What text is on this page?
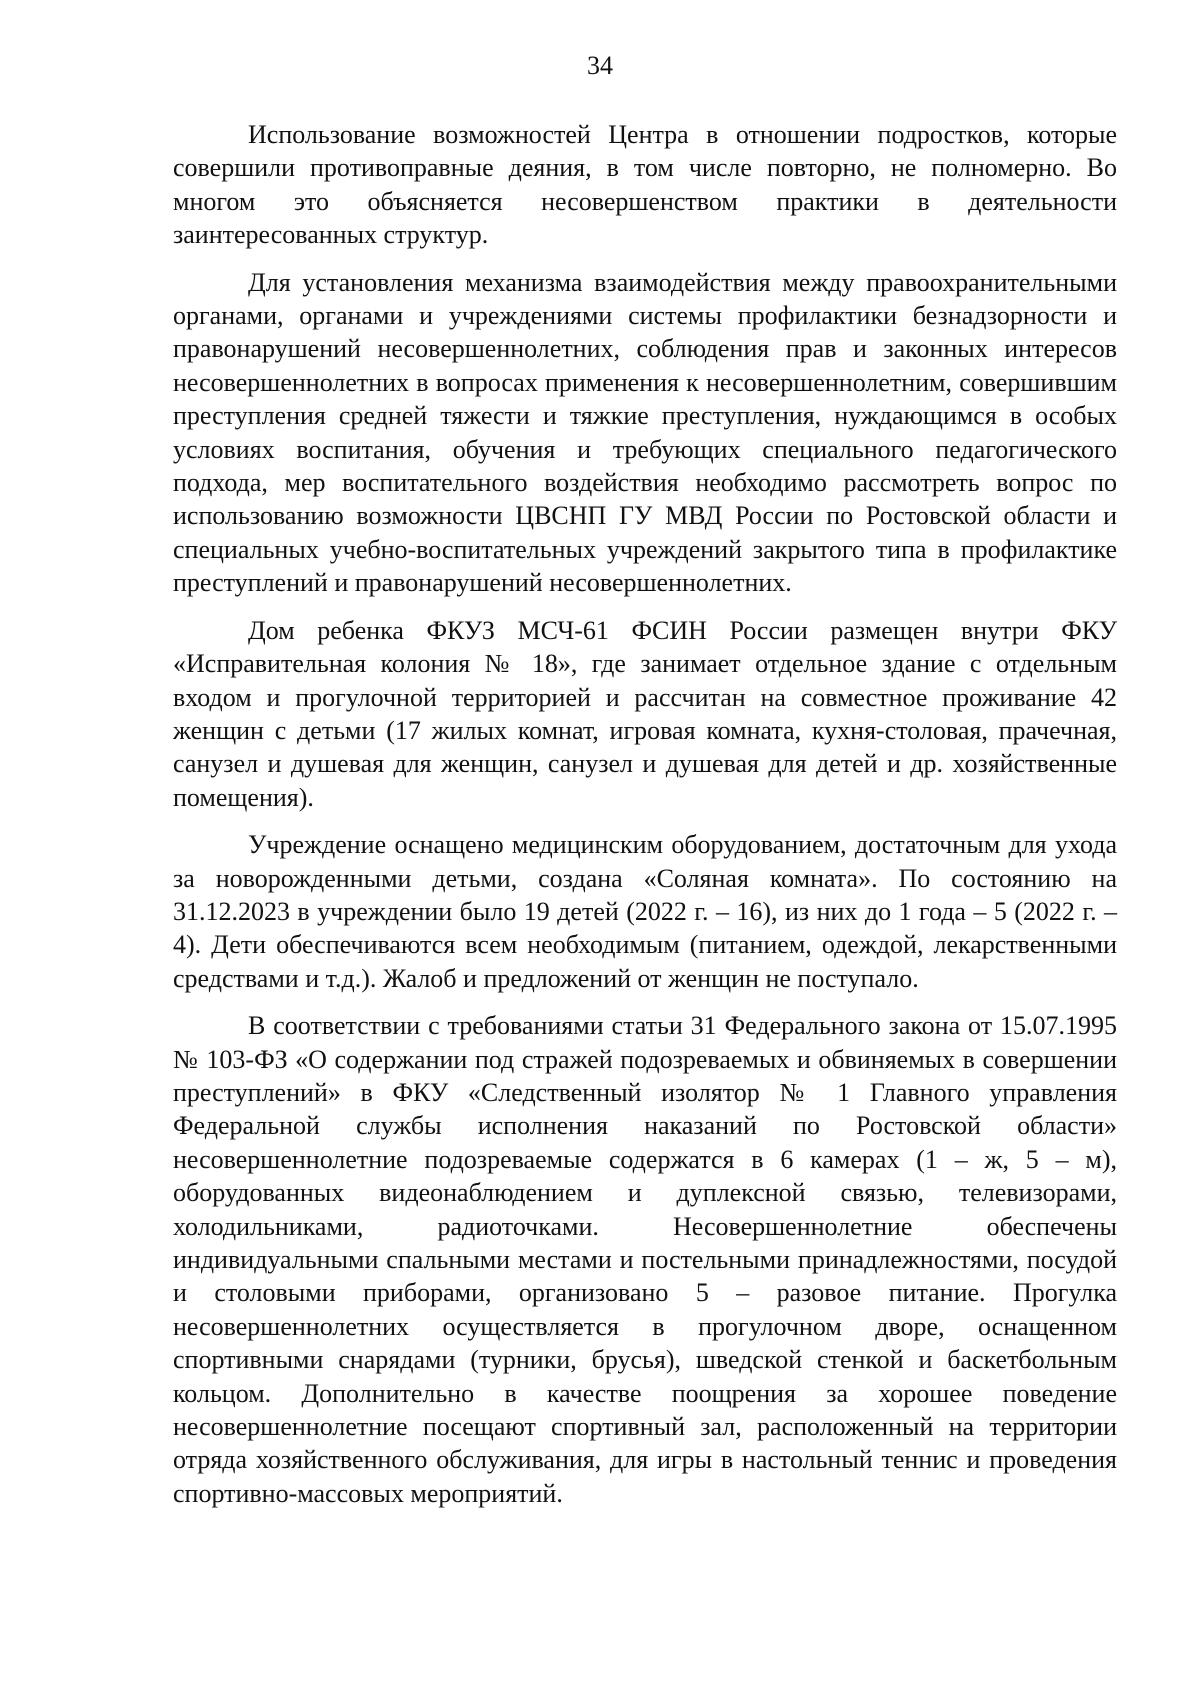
34

Использование возможностей Центра в отношении подростков, которые совершили противоправные деяния, в том числе повторно, не полномерно. Во многом это объясняется несовершенством практики в деятельности заинтересованных структур.

Для установления механизма взаимодействия между правоохранительными органами, органами и учреждениями системы профилактики безнадзорности и правонарушений несовершеннолетних, соблюдения прав и законных интересов несовершеннолетних в вопросах применения к несовершеннолетним, совершившим преступления средней тяжести и тяжкие преступления, нуждающимся в особых условиях воспитания, обучения и требующих специального педагогического подхода, мер воспитательного воздействия необходимо рассмотреть вопрос по использованию возможности ЦВСНП ГУ МВД России по Ростовской области и специальных учебно-воспитательных учреждений закрытого типа в профилактике преступлений и правонарушений несовершеннолетних.

Дом ребенка ФКУЗ МСЧ-61 ФСИН России размещен внутри ФКУ «Исправительная колония № 18», где занимает отдельное здание с отдельным входом и прогулочной территорией и рассчитан на совместное проживание 42 женщин с детьми (17 жилых комнат, игровая комната, кухня-столовая, прачечная, санузел и душевая для женщин, санузел и душевая для детей и др. хозяйственные помещения).

Учреждение оснащено медицинским оборудованием, достаточным для ухода за новорожденными детьми, создана «Соляная комната». По состоянию на 31.12.2023 в учреждении было 19 детей (2022 г. – 16), из них до 1 года – 5 (2022 г. – 4). Дети обеспечиваются всем необходимым (питанием, одеждой, лекарственными средствами и т.д.). Жалоб и предложений от женщин не поступало.

В соответствии с требованиями статьи 31 Федерального закона от 15.07.1995 № 103-ФЗ «О содержании под стражей подозреваемых и обвиняемых в совершении преступлений» в ФКУ «Следственный изолятор № 1 Главного управления Федеральной службы исполнения наказаний по Ростовской области» несовершеннолетние подозреваемые содержатся в 6 камерах (1 – ж, 5 – м), оборудованных видеонаблюдением и дуплексной связью, телевизорами, холодильниками, радиоточками. Несовершеннолетние обеспечены индивидуальными спальными местами и постельными принадлежностями, посудой и столовыми приборами, организовано 5 – разовое питание. Прогулка несовершеннолетних осуществляется в прогулочном дворе, оснащенном спортивными снарядами (турники, брусья), шведской стенкой и баскетбольным кольцом. Дополнительно в качестве поощрения за хорошее поведение несовершеннолетние посещают спортивный зал, расположенный на территории отряда хозяйственного обслуживания, для игры в настольный теннис и проведения спортивно-массовых мероприятий.
